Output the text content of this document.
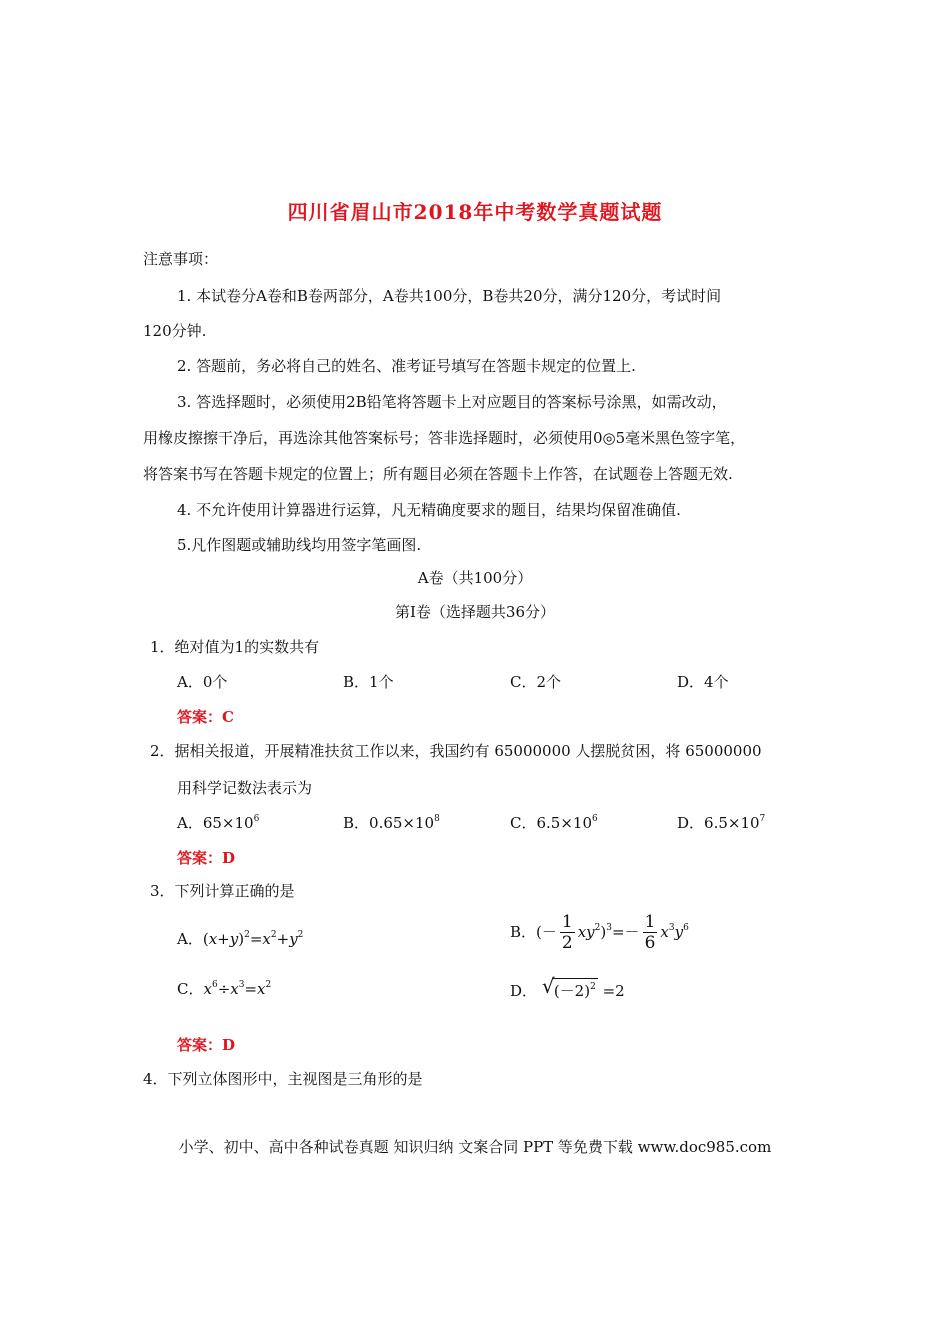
四川省眉山市2018年中考数学真题试题
注意事项：
1. 本试卷分A卷和B卷两部分，A卷共100分，B卷共20分，满分120分，考试时间
120分钟.
2. 答题前，务必将自己的姓名、准考证号填写在答题卡规定的位置上.
3. 答选择题时，必须使用2B铅笔将答题卡上对应题目的答案标号涂黑，如需改动，
用橡皮擦擦干净后，再选涂其他答案标号；答非选择题时，必须使用0◎5毫米黑色签字笔，
将答案书写在答题卡规定的位置上；所有题目必须在答题卡上作答，在试题卷上答题无效.
4. 不允许使用计算器进行运算，凡无精确度要求的题目，结果均保留准确值.
5.凡作图题或辅助线均用签字笔画图.
A卷（共100分）
第Ⅰ卷（选择题共36分）
1．绝对值为1的实数共有
A．0个	B．1个	C．2个	D．4个
答案：C
2．据相关报道，开展精准扶贫工作以来，我国约有 65000000 人摆脱贫困，将 65000000
用科学记数法表示为
A．$65\times 10^6$	B．$0.65\times 10^8$	C．$6.5\times 10^6$	D．$6.5\times 10^7$
答案：D
3．下列计算正确的是
A．$(x+y)^2=x^2+y^2$	B．(－ $\frac{1}{2} xy^2)^3=- \frac{1}{6} x^3y^6$
C．$x^6\div x^3=x^2$	D． √ $(-2)^2 =2$
答案：D
4．下列立体图形中，主视图是三角形的是
小学、初中、高中各种试卷真题 知识归纳 文案合同 PPT 等免费下载 www.doc985.com
